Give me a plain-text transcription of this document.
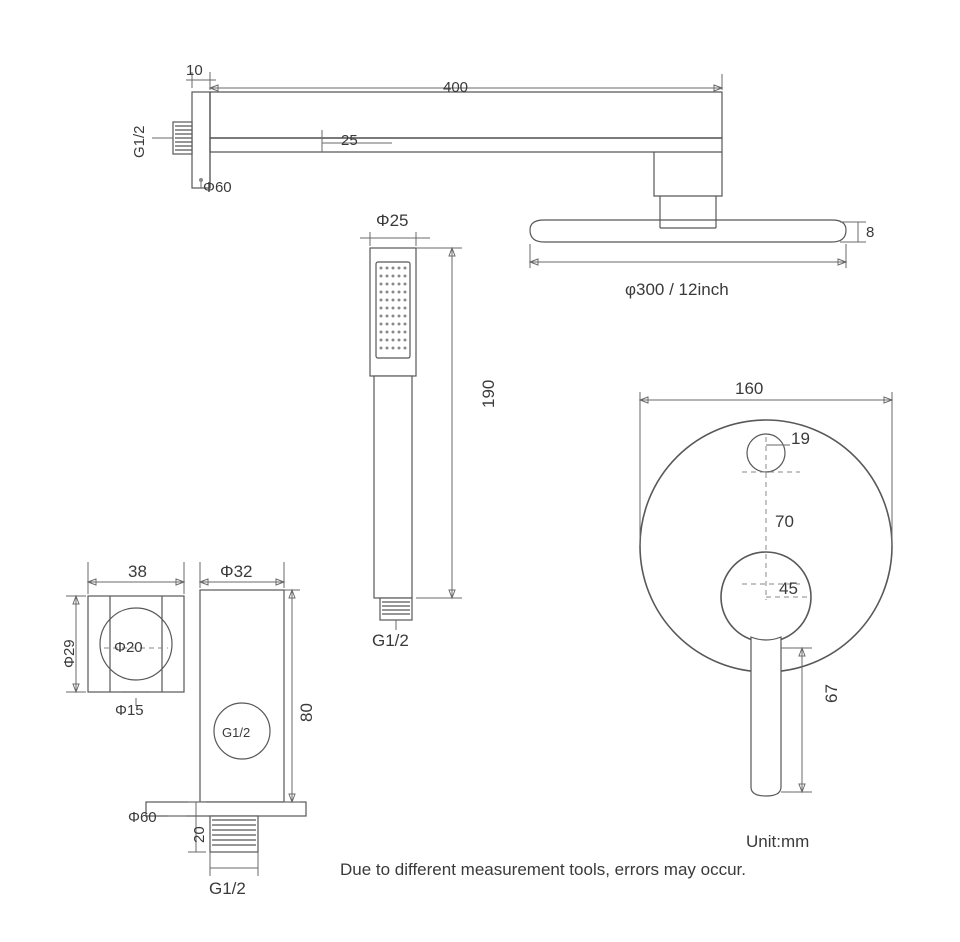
10
400
25
G1/2
Φ60
8
φ300 / 12inch
Φ25
190
G1/2
160
19
70
45
67
38	Φ32
Φ29 Φ20
Φ15	80
G1/2
Φ60
20
G1/2
Unit:mm
Due to different measurement tools, errors may occur.
